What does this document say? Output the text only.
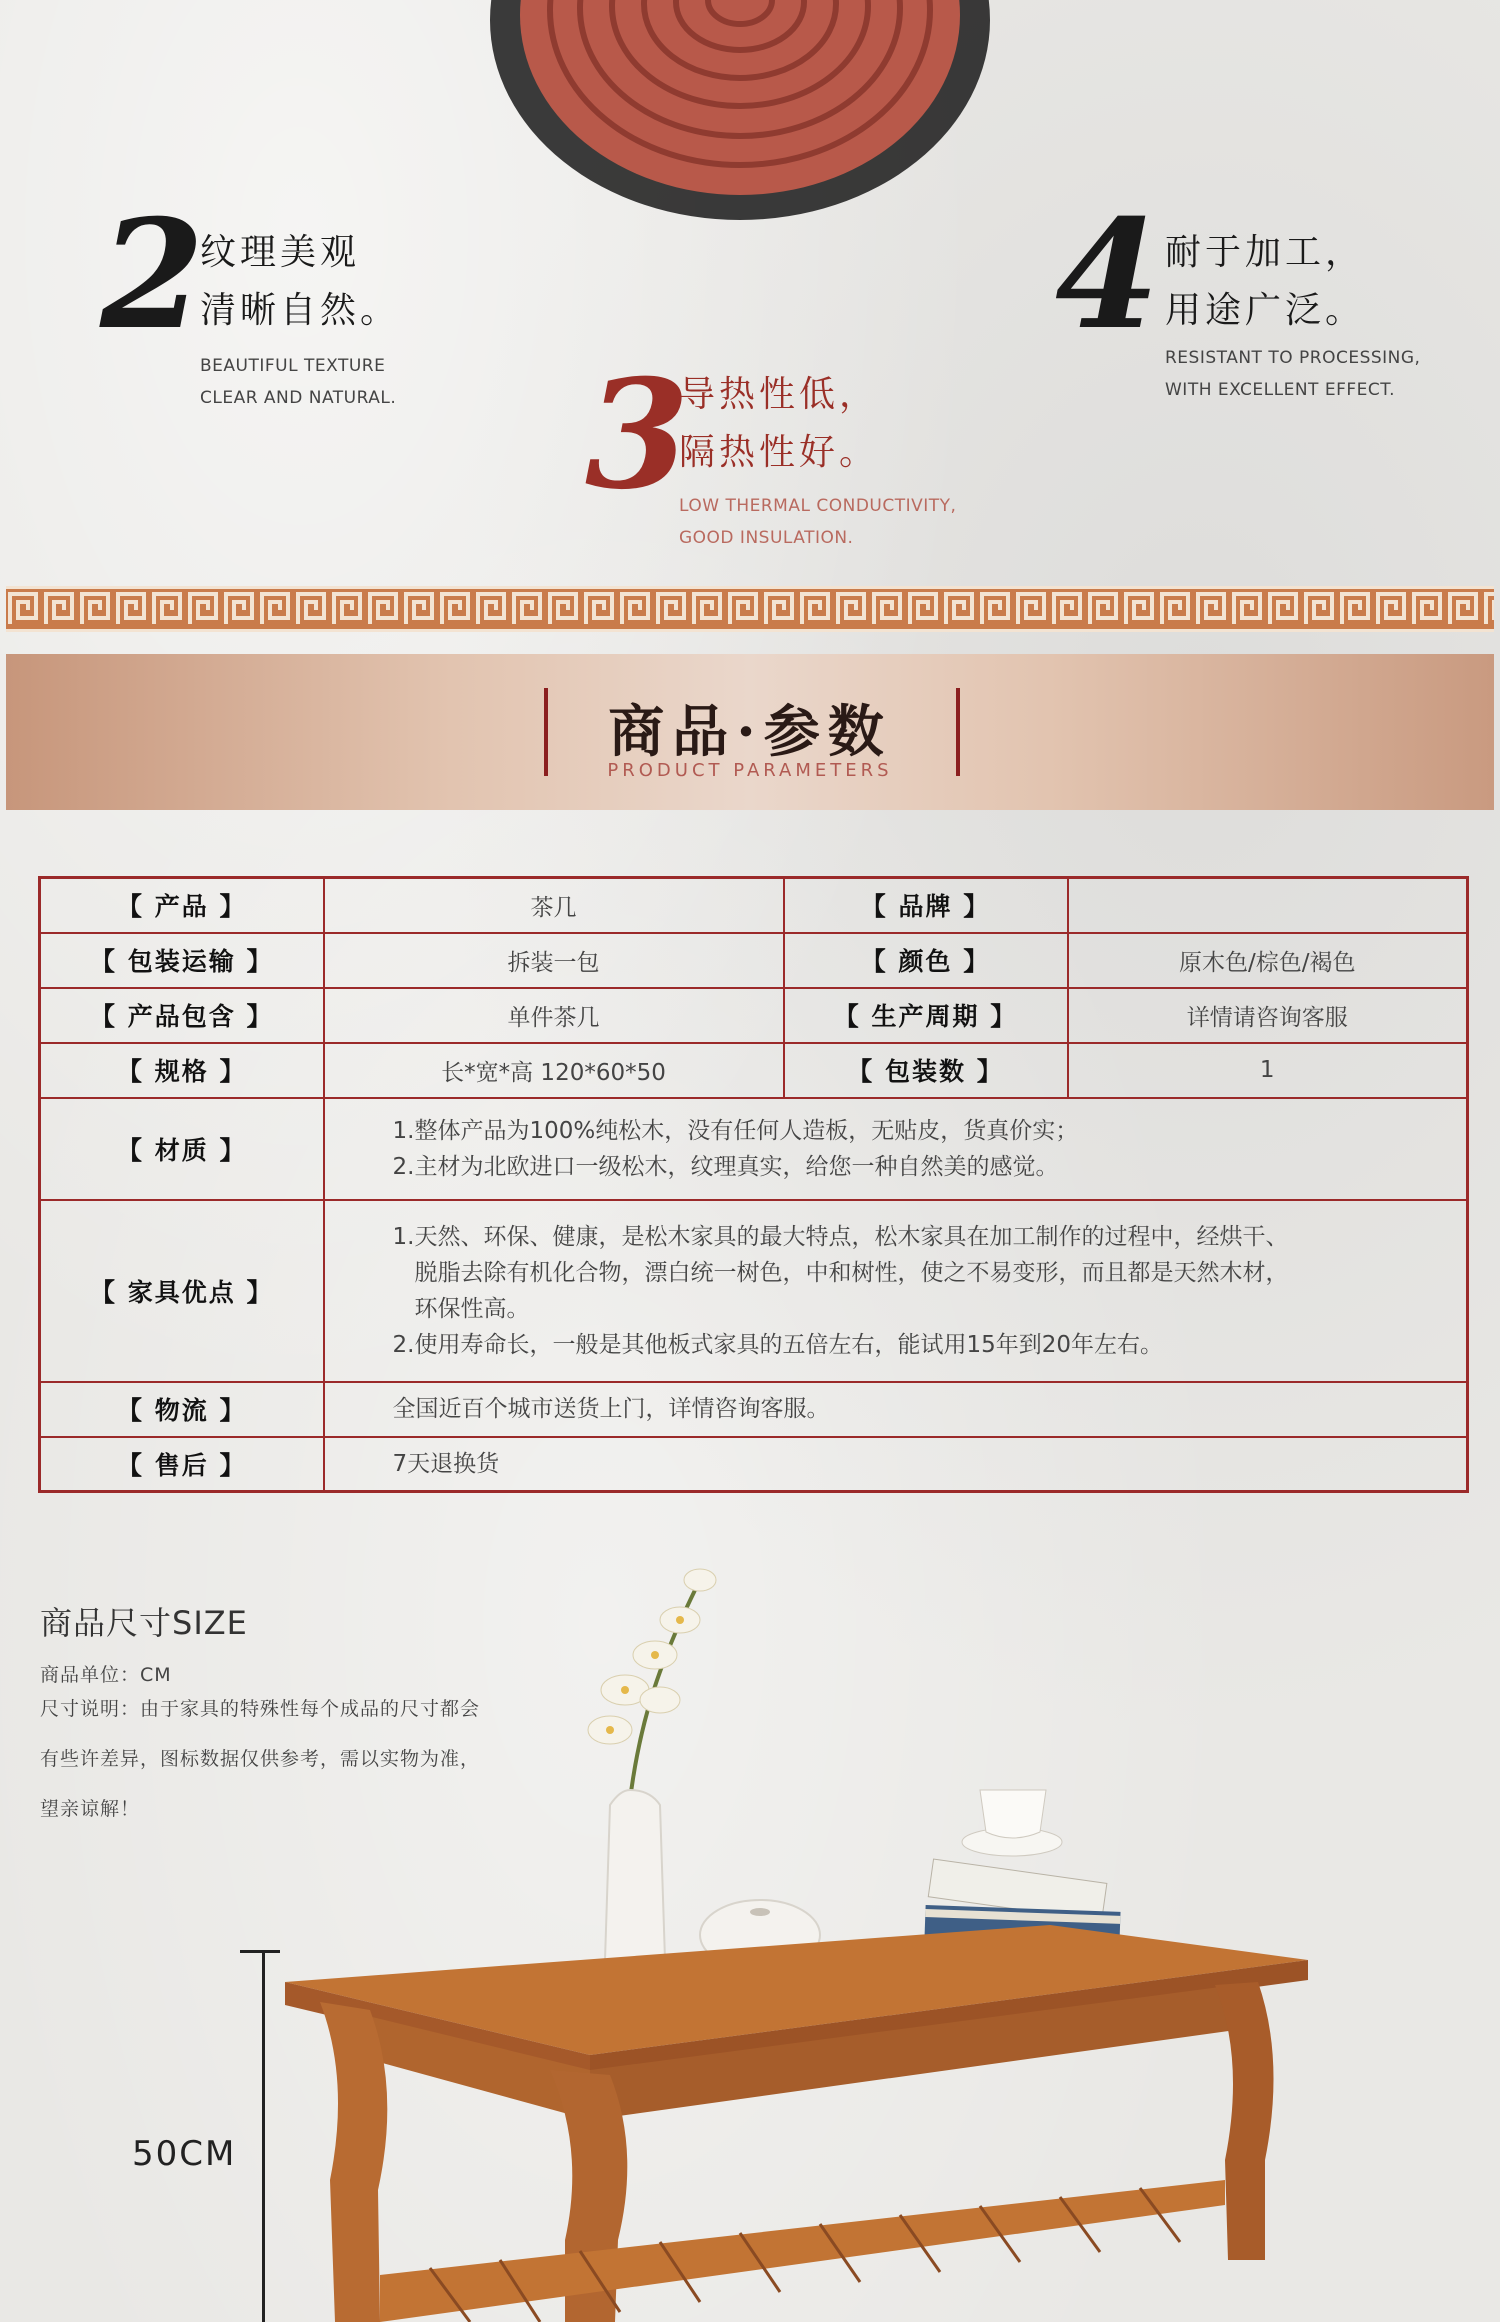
2
纹理美观
清晰自然。
BEAUTIFUL TEXTURE
CLEAR AND NATURAL. 3
导热性低，
隔热性好。
LOW THERMAL CONDUCTIVITY,
GOOD INSULATION.
4 耐于加工，
用途广泛。
RESISTANT TO PROCESSING,
WITH EXCELLENT EFFECT.
商品·参数
PRODUCT PARAMETERS
【 产品 】	茶几	【 品牌 】	
【 包装运输 】	拆装一包	【 颜色 】	原木色/棕色/褐色
【 产品包含 】	单件茶几	【 生产周期 】	详情请咨询客服
【 规格 】	长*宽*高 120*60*50	【 包装数 】	1
【 材质 】	1.整体产品为100%纯松木，没有任何人造板，无贴皮，货真价实；
2.主材为北欧进口一级松木，纹理真实，给您一种自然美的感觉。		

【 家具优点 】	1.天然、环保、健康，是松木家具的最大特点，松木家具在加工制作的过程中，经烘干、
脱脂去除有机化合物，漂白统一树色，中和树性，使之不易变形，而且都是天然木材，
环保性高。
2.使用寿命长，一般是其他板式家具的五倍左右，能试用15年到20年左右。		

【 物流 】	全国近百个城市送货上门，详情咨询客服。		
【 售后 】	7天退换货		
商品尺寸SIZE
商品单位：CM
尺寸说明：由于家具的特殊性每个成品的尺寸都会
有些许差异，图标数据仅供参考，需以实物为准，
望亲谅解！
50CM
